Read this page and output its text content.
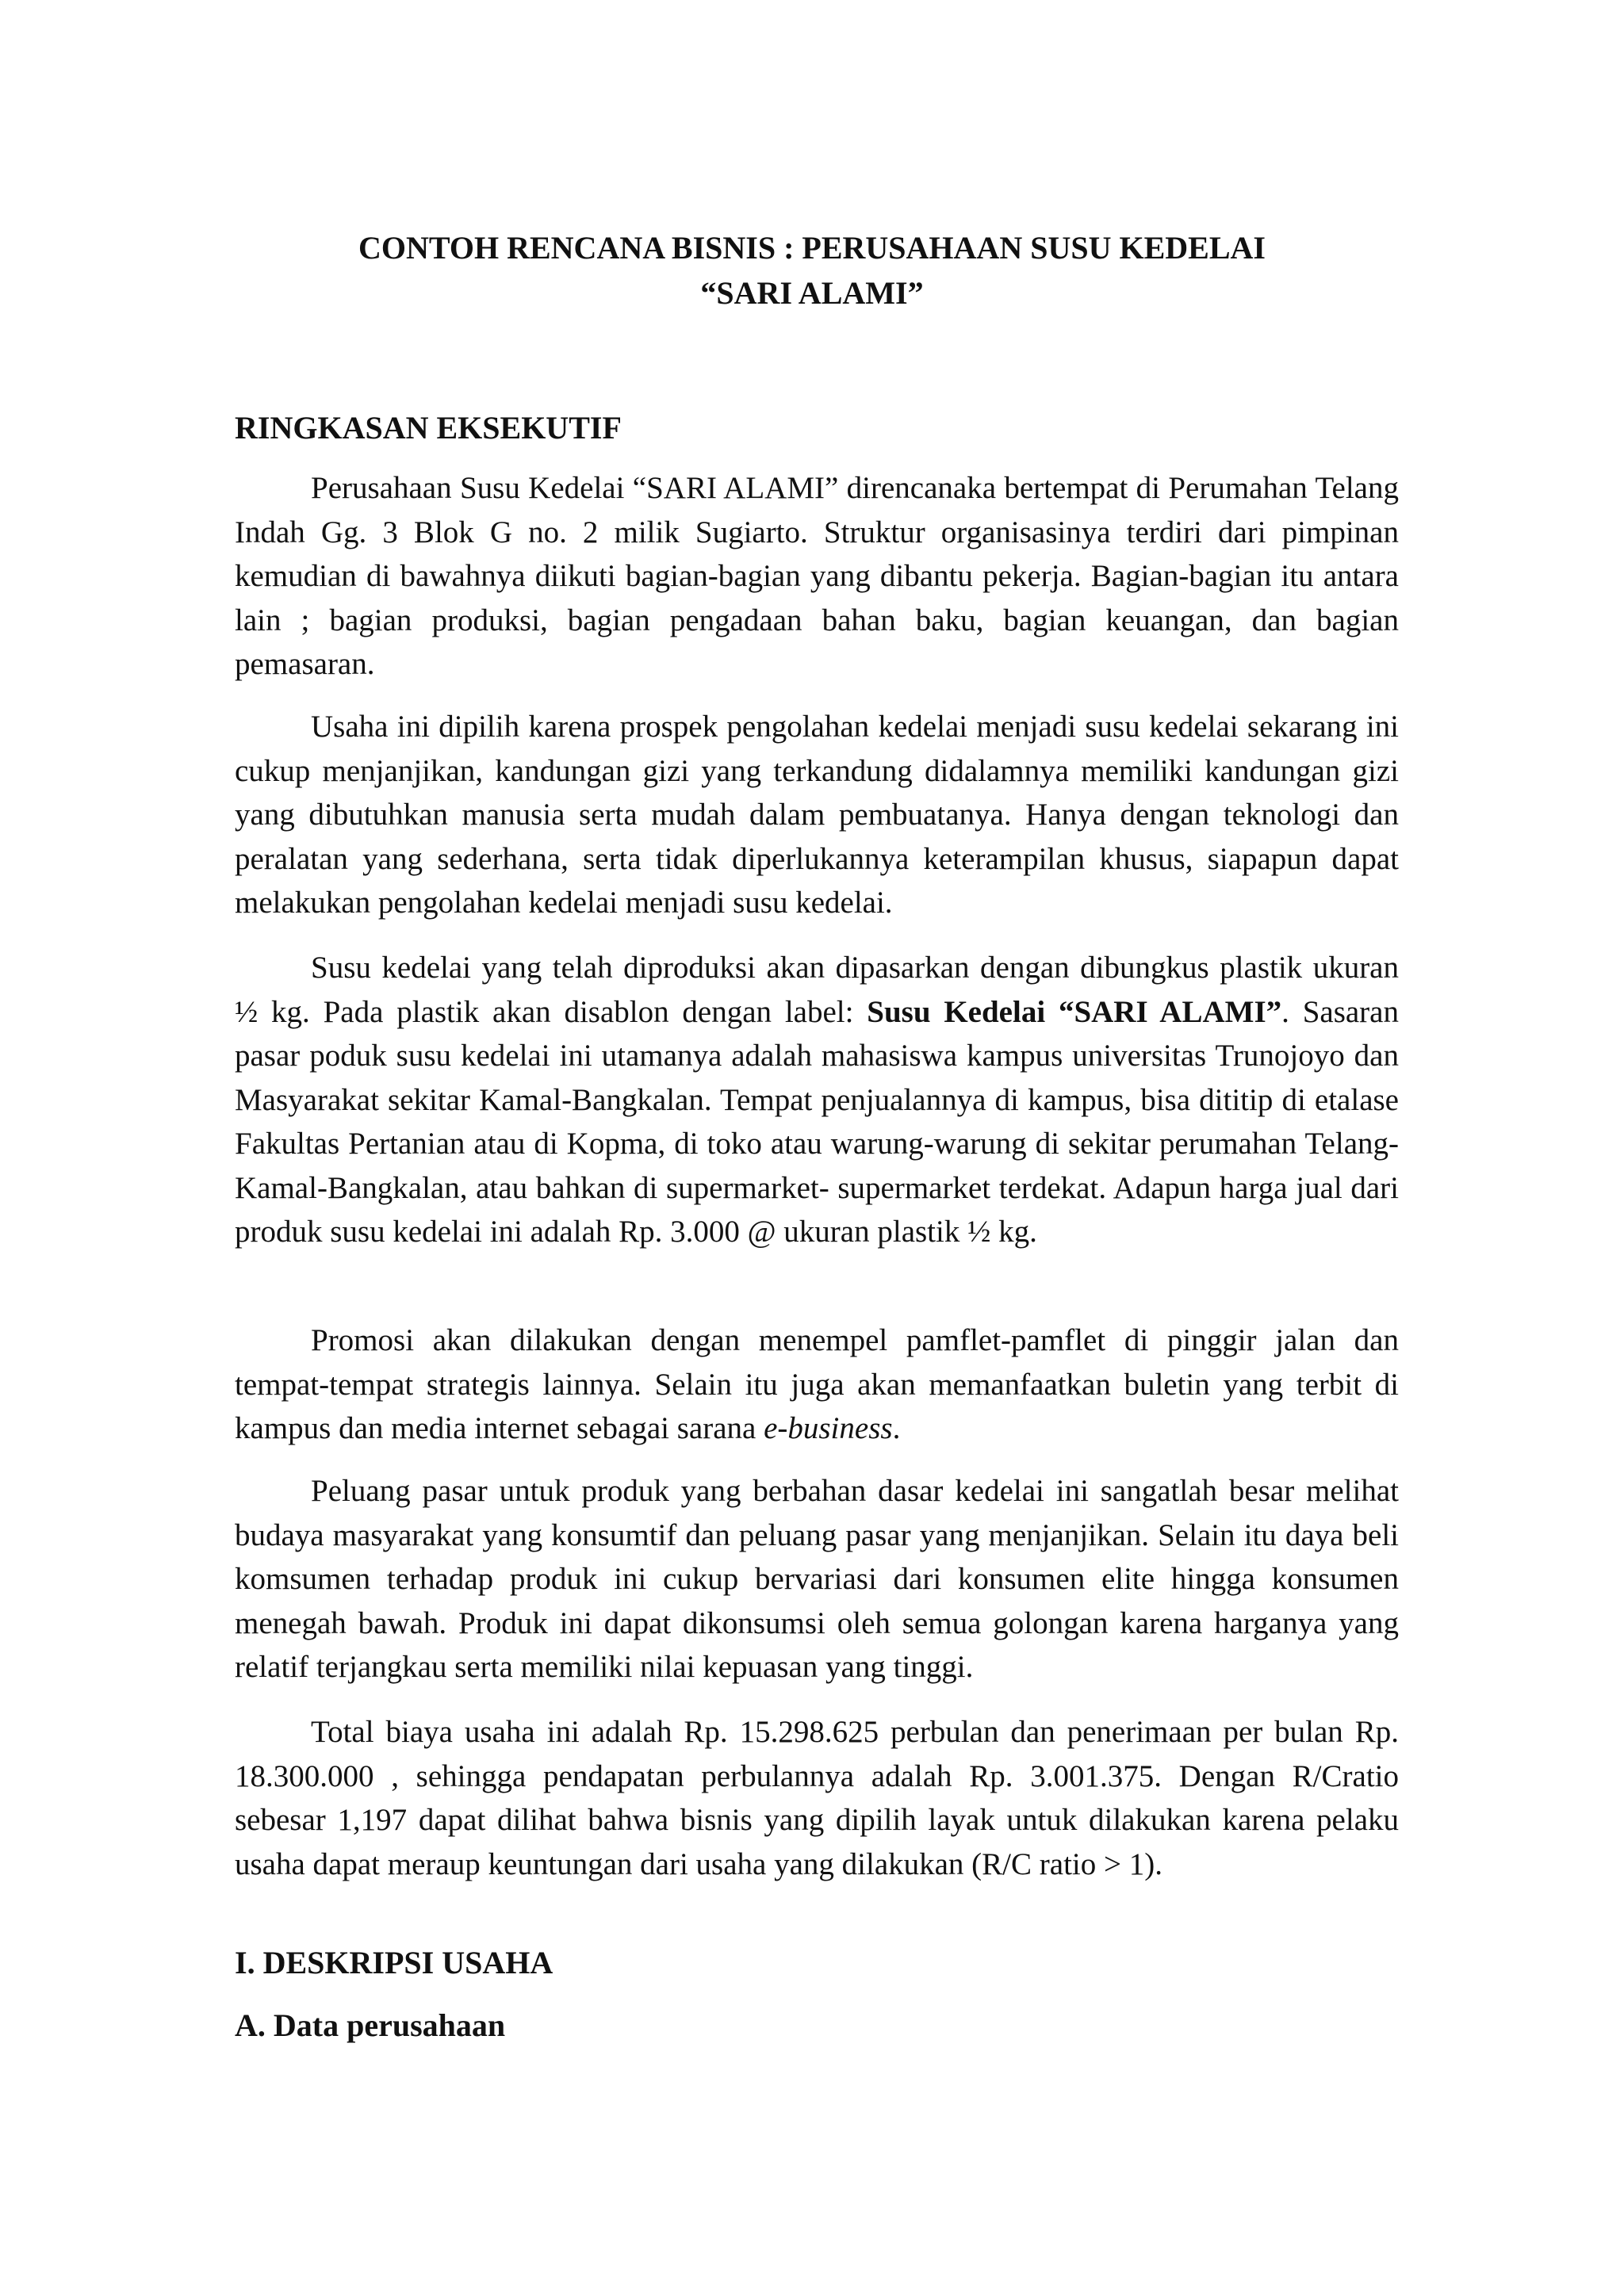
CONTOH RENCANA BISNIS : PERUSAHAAN SUSU KEDELAI
“SARI ALAMI”
RINGKASAN EKSEKUTIF

Perusahaan Susu Kedelai “SARI ALAMI” direncanaka bertempat di Perumahan Telang Indah Gg. 3 Blok G no. 2 milik Sugiarto. Struktur organisasinya terdiri dari pimpinan kemudian di bawahnya diikuti bagian-bagian yang dibantu pekerja. Bagian-bagian itu antara lain ; bagian produksi, bagian pengadaan bahan baku, bagian keuangan, dan bagian pemasaran.

Usaha ini dipilih karena prospek pengolahan kedelai menjadi susu kedelai sekarang ini cukup menjanjikan, kandungan gizi yang terkandung didalamnya memiliki kandungan gizi yang dibutuhkan manusia serta mudah dalam pembuatanya. Hanya dengan teknologi dan peralatan yang sederhana, serta tidak diperlukannya keterampilan khusus, siapapun dapat melakukan pengolahan kedelai menjadi susu kedelai.

Susu kedelai yang telah diproduksi akan dipasarkan dengan dibungkus plastik ukuran ½ kg. Pada plastik akan disablon dengan label: Susu Kedelai “SARI ALAMI”. Sasaran pasar poduk susu kedelai ini utamanya adalah mahasiswa kampus universitas Trunojoyo dan Masyarakat sekitar Kamal-Bangkalan. Tempat penjualannya di kampus, bisa dititip di etalase Fakultas Pertanian atau di Kopma, di toko atau warung-warung di sekitar perumahan Telang-Kamal-Bangkalan, atau bahkan di supermarket- supermarket terdekat. Adapun harga jual dari produk susu kedelai ini adalah Rp. 3.000 @ ukuran plastik ½ kg.

Promosi akan dilakukan dengan menempel pamflet-pamflet di pinggir jalan dan tempat-tempat strategis lainnya. Selain itu juga akan memanfaatkan buletin yang terbit di kampus dan media internet sebagai sarana e-business.

Peluang pasar untuk produk yang berbahan dasar kedelai ini sangatlah besar melihat budaya masyarakat yang konsumtif dan peluang pasar yang menjanjikan. Selain itu daya beli komsumen terhadap produk ini cukup bervariasi dari konsumen elite hingga konsumen menegah bawah. Produk ini dapat dikonsumsi oleh semua golongan karena harganya yang relatif terjangkau serta memiliki nilai kepuasan yang tinggi.

Total biaya usaha ini adalah Rp. 15.298.625 perbulan dan penerimaan per bulan Rp. 18.300.000 , sehingga pendapatan perbulannya adalah Rp. 3.001.375. Dengan R/Cratio sebesar 1,197 dapat dilihat bahwa bisnis yang dipilih layak untuk dilakukan karena pelaku usaha dapat meraup keuntungan dari usaha yang dilakukan (R/C ratio > 1).

I. DESKRIPSI USAHA
A. Data perusahaan
